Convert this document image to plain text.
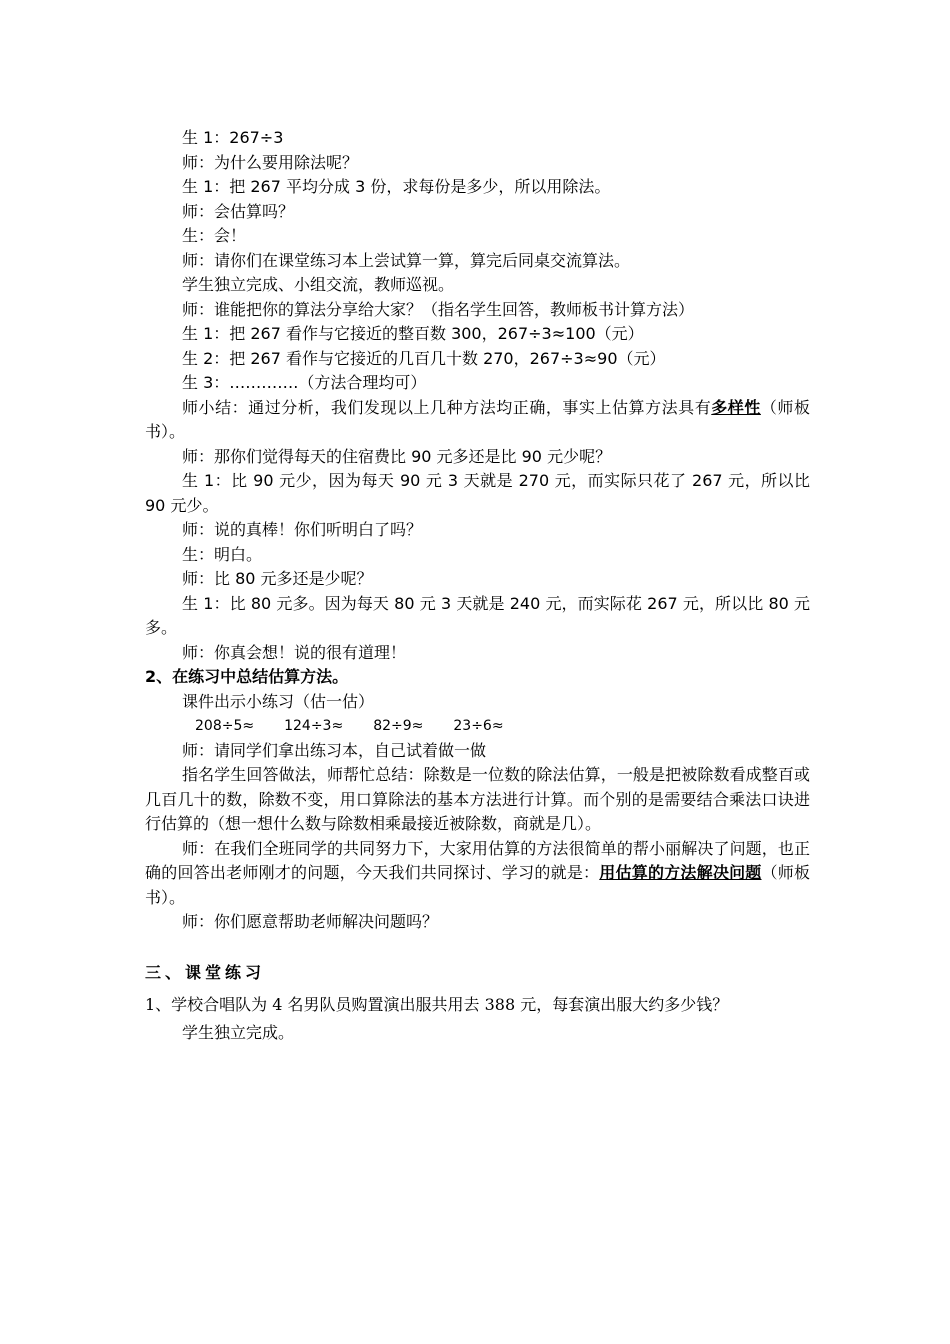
生 1：267÷3

师：为什么要用除法呢？

生 1：把 267 平均分成 3 份，求每份是多少，所以用除法。

师：会估算吗？

生：会！

师：请你们在课堂练习本上尝试算一算，算完后同桌交流算法。

学生独立完成、小组交流，教师巡视。

师：谁能把你的算法分享给大家？（指名学生回答，教师板书计算方法）

生 1：把 267 看作与它接近的整百数 300，267÷3≈100（元）

生 2：把 267 看作与它接近的几百几十数 270，267÷3≈90（元）

生 3：………….（方法合理均可）

师小结：通过分析，我们发现以上几种方法均正确，事实上估算方法具有多样性（师板书）。

师：那你们觉得每天的住宿费比 90 元多还是比 90 元少呢？

生 1：比 90 元少，因为每天 90 元 3 天就是 270 元，而实际只花了 267 元，所以比 90 元少。

师：说的真棒！你们听明白了吗？

生：明白。

师：比 80 元多还是少呢？

生 1：比 80 元多。因为每天 80 元 3 天就是 240 元，而实际花 267 元，所以比 80 元多。

师：你真会想！说的很有道理！

2、在练习中总结估算方法。

课件出示小练习（估一估）

208÷5≈ 124÷3≈ 82÷9≈ 23÷6≈

师：请同学们拿出练习本，自己试着做一做

指名学生回答做法，师帮忙总结：除数是一位数的除法估算，一般是把被除数看成整百或几百几十的数，除数不变，用口算除法的基本方法进行计算。而个别的是需要结合乘法口诀进行估算的（想一想什么数与除数相乘最接近被除数，商就是几）。

师：在我们全班同学的共同努力下，大家用估算的方法很简单的帮小丽解决了问题，也正确的回答出老师刚才的问题，今天我们共同探讨、学习的就是：用估算的方法解决问题（师板书）。

师：你们愿意帮助老师解决问题吗？

三、课堂练习

1、学校合唱队为 4 名男队员购置演出服共用去 388 元，每套演出服大约多少钱？

学生独立完成。
